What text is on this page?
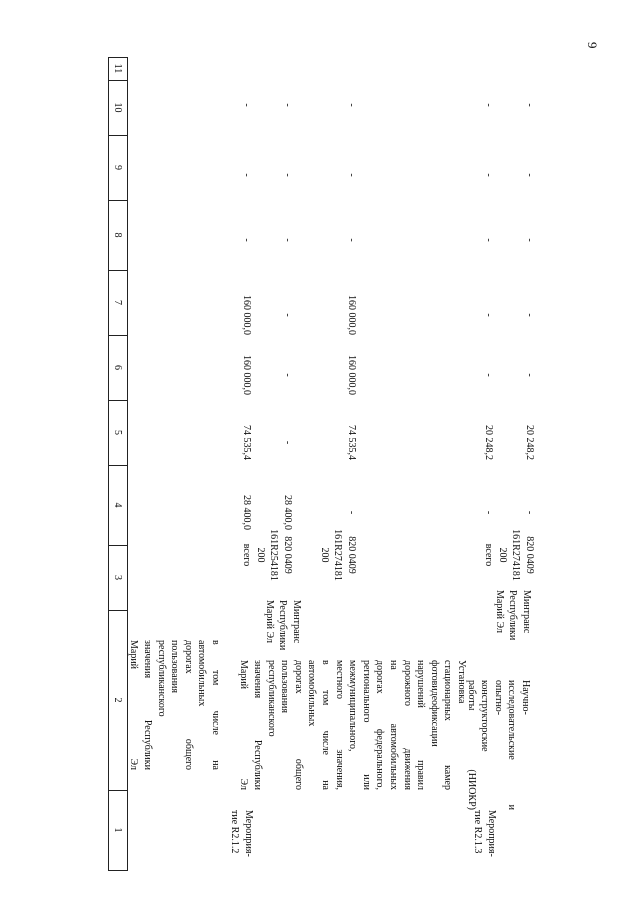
9
в том числе на
автомобильных
дорогах общего
пользования
республиканского
значения Республики
Марий Эл
Мероприя-
тие R2.1.2
Установка
стационарных камер
фотовидеофиксации
нарушений правил
дорожного движения
на автомобильных
дорогах федерального,
регионального или
межмуниципального,
местного значения,
в том числе на
автомобильных
дорогах общего
пользования
республиканского
значения Республики
Марий Эл
Минтранс
Республики
Марий Эл
Мероприя-
тие R2.1.3
Научно-
исследовательские и
опытно-
конструкторские
работы (НИОКР)
Минтранс
Республики
Марий Эл
всего
28 400,0
74 535,4
160 000,0
160 000,0
-
-
-
820 0409
161R254181
200
28 400,0
-
-
-
-
-
-
820 0409
161R274181
200
-
74 535,4
160 000,0
160 000,0
-
-
-
всего
-
20 248,2
-
-
-
-
-
820 0409
161R274181
200
-
20 248,2
-
-
-
-
-
11
10
9
8
7
6
5
4
3
2
1
